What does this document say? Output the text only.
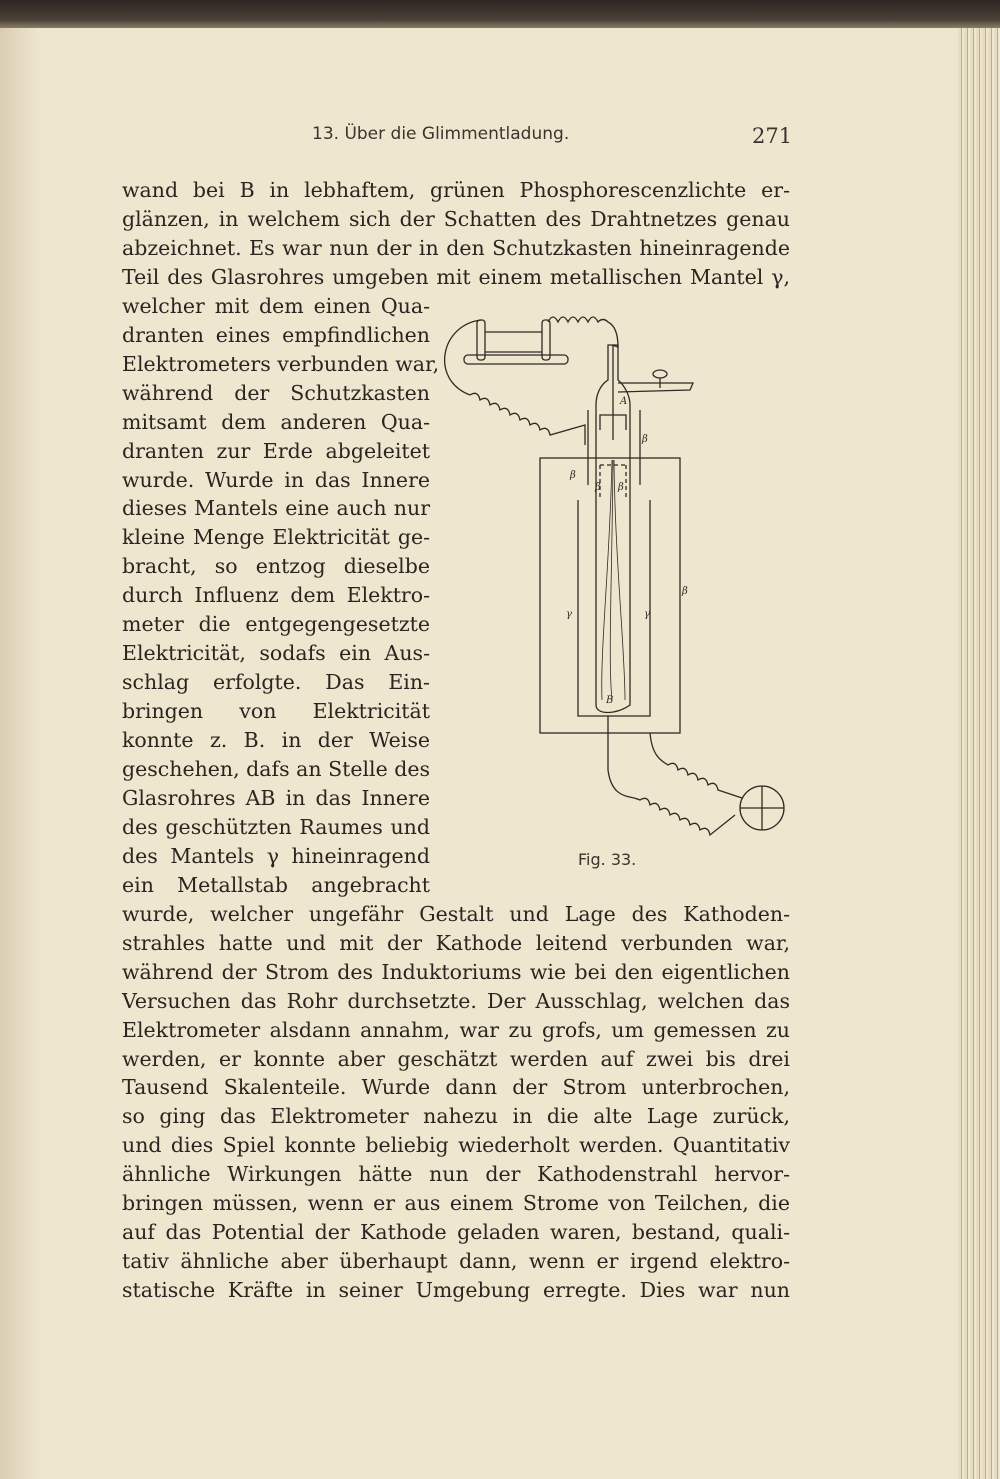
13. Über die Glimmentladung.	271
wand bei B in lebhaftem, grünen Phosphorescenzlichte er-
glänzen, in welchem sich der Schatten des Drahtnetzes genau
abzeichnet. Es war nun der in den Schutzkasten hineinragende
Teil des Glasrohres umgeben mit einem metallischen Mantel γ,
welcher mit dem einen Qua-
dranten eines empfindlichen
Elektrometers verbunden war,
während der Schutzkasten
mitsamt dem anderen Qua-
dranten zur Erde abgeleitet
wurde. Wurde in das Innere
dieses Mantels eine auch nur
kleine Menge Elektricität ge-
bracht, so entzog dieselbe
durch Influenz dem Elektro-
meter die entgegengesetzte
Elektricität, sodafs ein Aus-
schlag erfolgte. Das Ein-
bringen von Elektricität
konnte z. B. in der Weise
geschehen, dafs an Stelle des
Glasrohres AB in das Innere
des geschützten Raumes und
des Mantels γ hineinragend
ein Metallstab angebracht
wurde, welcher ungefähr Gestalt und Lage des Kathoden-
strahles hatte und mit der Kathode leitend verbunden war,
während der Strom des Induktoriums wie bei den eigentlichen
Versuchen das Rohr durchsetzte. Der Ausschlag, welchen das
Elektrometer alsdann annahm, war zu grofs, um gemessen zu
werden, er konnte aber geschätzt werden auf zwei bis drei
Tausend Skalenteile. Wurde dann der Strom unterbrochen,
so ging das Elektrometer nahezu in die alte Lage zurück,
und dies Spiel konnte beliebig wiederholt werden. Quantitativ
ähnliche Wirkungen hätte nun der Kathodenstrahl hervor-
bringen müssen, wenn er aus einem Strome von Teilchen, die
auf das Potential der Kathode geladen waren, bestand, quali-
tativ ähnliche aber überhaupt dann, wenn er irgend elektro-
statische Kräfte in seiner Umgebung erregte. Dies war nun
A
B
β
β
β β
β
γ	γ
Fig. 33.
